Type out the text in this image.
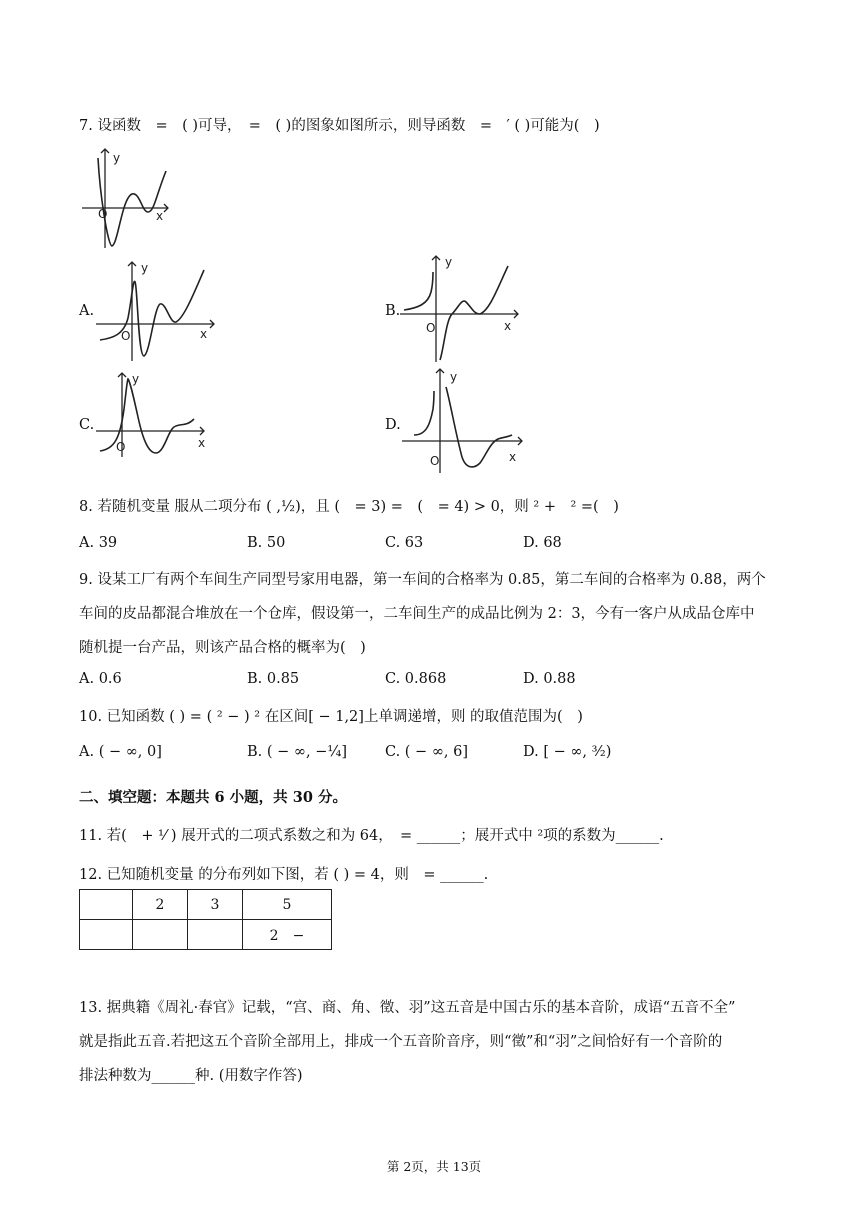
7. 设函数　=　( )可导，　=　( )的图象如图所示，则导函数　=　′ ( )可能为(　)
y
x
O
A.
y
x
O
B.
y
x
O
C.
y
x
O
D.
y
x
O
8. 若随机变量 服从二项分布 ( ,½)，且 (　= 3) =　(　= 4) > 0，则 ² +　² =(　)
A. 39	B. 50	C. 63	D. 68
9. 设某工厂有两个车间生产同型号家用电器，第一车间的合格率为 0.85，第二车间的合格率为 0.88，两个
车间的皮品都混合堆放在一个仓库，假设第一，二车间生产的成品比例为 2：3，今有一客户从成品仓库中
随机提一台产品，则该产品合格的概率为(　)
A. 0.6	B. 0.85	C. 0.868	D. 0.88
10. 已知函数 ( ) = ( ² − ) ² 在区间[ − 1,2]上单调递增，则 的取值范围为(　)
A. ( − ∞, 0]	B. ( − ∞, −¼]	C. ( − ∞, 6]	D. [ − ∞, ³⁄₂)
二、填空题：本题共 6 小题，共 30 分。
11. 若(　+ ¹⁄ ) 展开式的二项式系数之和为 64，　= ______；展开式中 ²项的系数为______.
12. 已知随机变量 的分布列如下图，若 ( ) = 4，则　= ______.
	2	3	5
			2　−
13. 据典籍《周礼·春官》记载，“宫、商、角、徵、羽”这五音是中国古乐的基本音阶，成语“五音不全”
就是指此五音.若把这五个音阶全部用上，排成一个五音阶音序，则“徵”和“羽”之间恰好有一个音阶的
排法种数为______种. (用数字作答)
第 2页，共 13页
